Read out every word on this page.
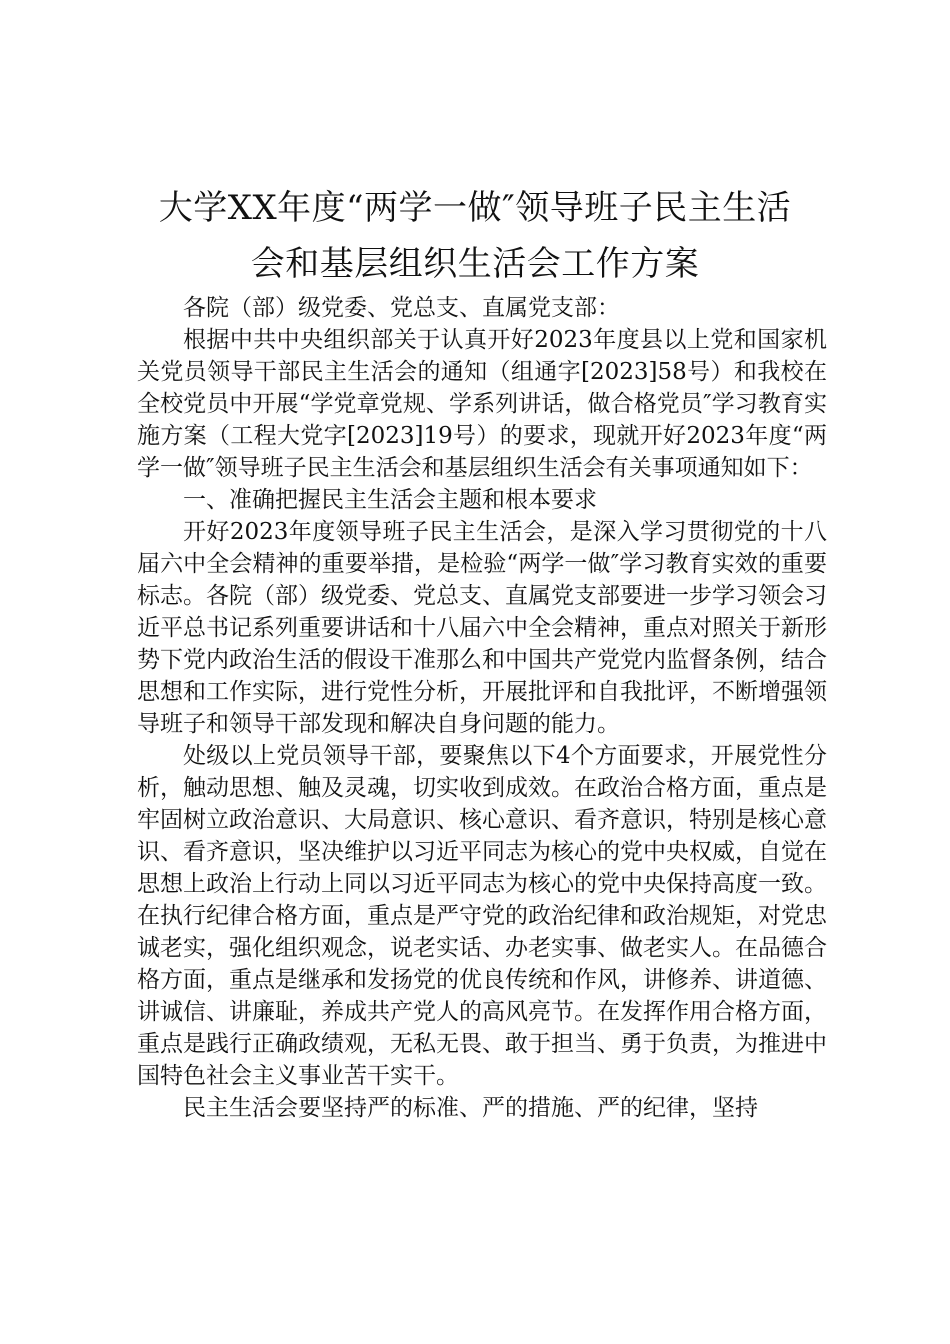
大学XX年度“两学一做″领导班子民主生活
会和基层组织生活会工作方案

各院（部）级党委、党总支、直属党支部：

根据中共中央组织部关于认真开好2023年度县以上党和国家机关党员领导干部民主生活会的通知（组通字[2023]58号）和我校在全校党员中开展“学党章党规、学系列讲话，做合格党员″学习教育实施方案（工程大党字[2023]19号）的要求，现就开好2023年度“两学一做″领导班子民主生活会和基层组织生活会有关事项通知如下：

一、准确把握民主生活会主题和根本要求

开好2023年度领导班子民主生活会，是深入学习贯彻党的十八届六中全会精神的重要举措，是检验“两学一做″学习教育实效的重要标志。各院（部）级党委、党总支、直属党支部要进一步学习领会习近平总书记系列重要讲话和十八届六中全会精神，重点对照关于新形势下党内政治生活的假设干准那么和中国共产党党内监督条例，结合思想和工作实际，进行党性分析，开展批评和自我批评，不断增强领导班子和领导干部发现和解决自身问题的能力。

处级以上党员领导干部，要聚焦以下4个方面要求，开展党性分析，触动思想、触及灵魂，切实收到成效。在政治合格方面，重点是牢固树立政治意识、大局意识、核心意识、看齐意识，特别是核心意识、看齐意识，坚决维护以习近平同志为核心的党中央权威，自觉在思想上政治上行动上同以习近平同志为核心的党中央保持高度一致。在执行纪律合格方面，重点是严守党的政治纪律和政治规矩，对党忠诚老实，强化组织观念，说老实话、办老实事、做老实人。在品德合格方面，重点是继承和发扬党的优良传统和作风，讲修养、讲道德、讲诚信、讲廉耻，养成共产党人的高风亮节。在发挥作用合格方面，重点是践行正确政绩观，无私无畏、敢于担当、勇于负责，为推进中国特色社会主义事业苦干实干。

民主生活会要坚持严的标准、严的措施、严的纪律，坚持
